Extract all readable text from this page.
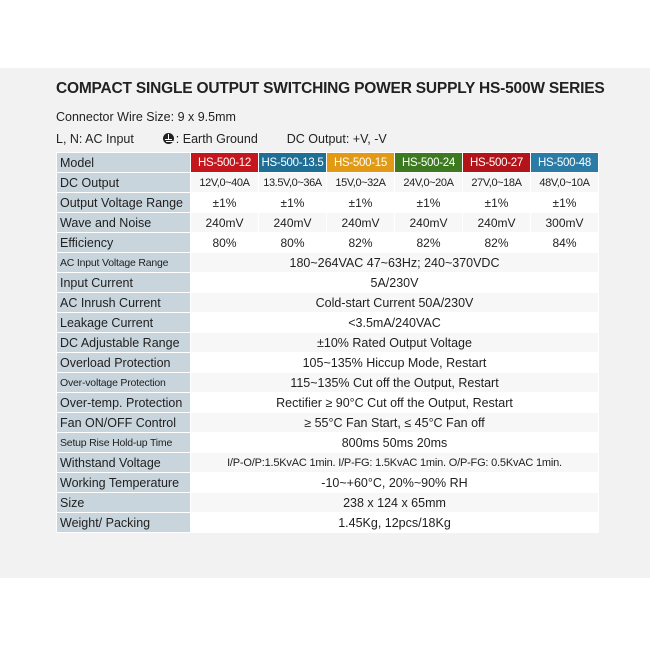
COMPACT SINGLE OUTPUT SWITCHING POWER SUPPLY HS-500W SERIES
Connector Wire Size: 9 x 9.5mm
L, N: AC Input	: Earth Ground DC Output: +V, -V
Model	HS-500-12	HS-500-13.5	HS-500-15	HS-500-24	HS-500-27	HS-500-48
DC Output	12V,0~40A	13.5V,0~36A	15V,0~32A	24V,0~20A	27V,0~18A	48V,0~10A
Output Voltage Range	±1%	±1%	±1%	±1%	±1%	±1%
Wave and Noise	240mV	240mV	240mV	240mV	240mV	300mV
Efficiency	80%	80%	82%	82%	82%	84%
AC Input Voltage Range	180~264VAC 47~63Hz; 240~370VDC					
Input Current	5A/230V					
AC Inrush Current	Cold-start Current 50A/230V					
Leakage Current	<3.5mA/240VAC					
DC Adjustable Range	±10% Rated Output Voltage					
Overload Protection	105~135% Hiccup Mode, Restart					
Over-voltage Protection	115~135% Cut off the Output, Restart					
Over-temp. Protection	Rectifier ≥ 90°C Cut off the Output, Restart					
Fan ON/OFF Control	≥ 55°C Fan Start, ≤ 45°C Fan off					
Setup Rise Hold-up Time	800ms 50ms 20ms					
Withstand Voltage	I/P-O/P:1.5KvAC 1min. I/P-FG: 1.5KvAC 1min. O/P-FG: 0.5KvAC 1min.					
Working Temperature	-10~+60°C, 20%~90% RH					
Size	238 x 124 x 65mm					
Weight/ Packing	1.45Kg, 12pcs/18Kg					
